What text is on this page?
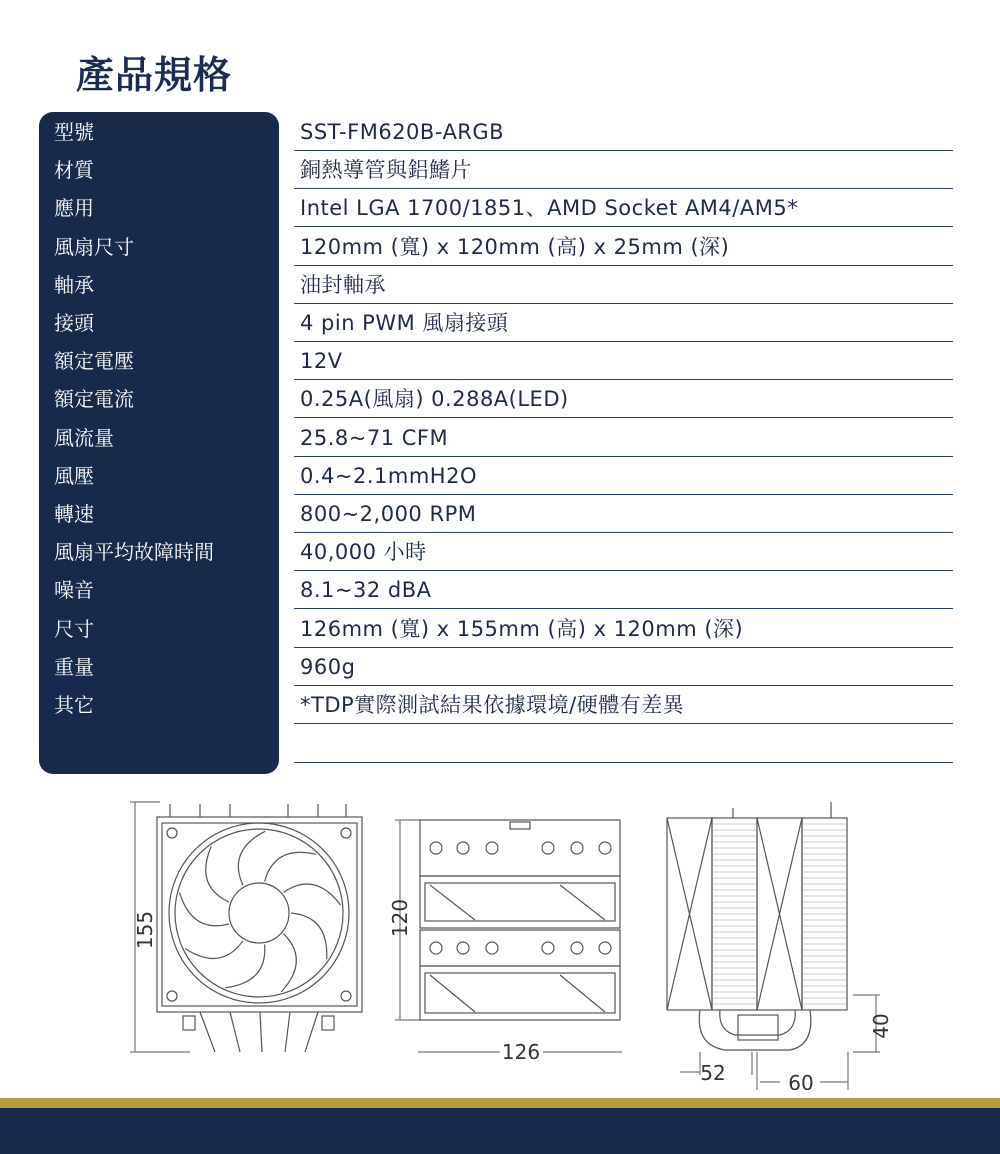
產品規格
型號	SST-FM620B-ARGB
材質	銅熱導管與鋁鰭片
應用	Intel LGA 1700/1851、AMD Socket AM4/AM5*
風扇尺寸	120mm (寬) x 120mm (高) x 25mm (深)
軸承	油封軸承
接頭	4 pin PWM 風扇接頭
額定電壓	12V
額定電流	0.25A(風扇) 0.288A(LED)
風流量	25.8~71 CFM
風壓	0.4~2.1mmH2O
轉速	800~2,000 RPM
風扇平均故障時間	40,000 小時
噪音	8.1~32 dBA
尺寸	126mm (寬) x 155mm (高) x 120mm (深)
重量	960g
其它	*TDP實際測試結果依據環境/硬體有差異
155	120
126
40
52	60
